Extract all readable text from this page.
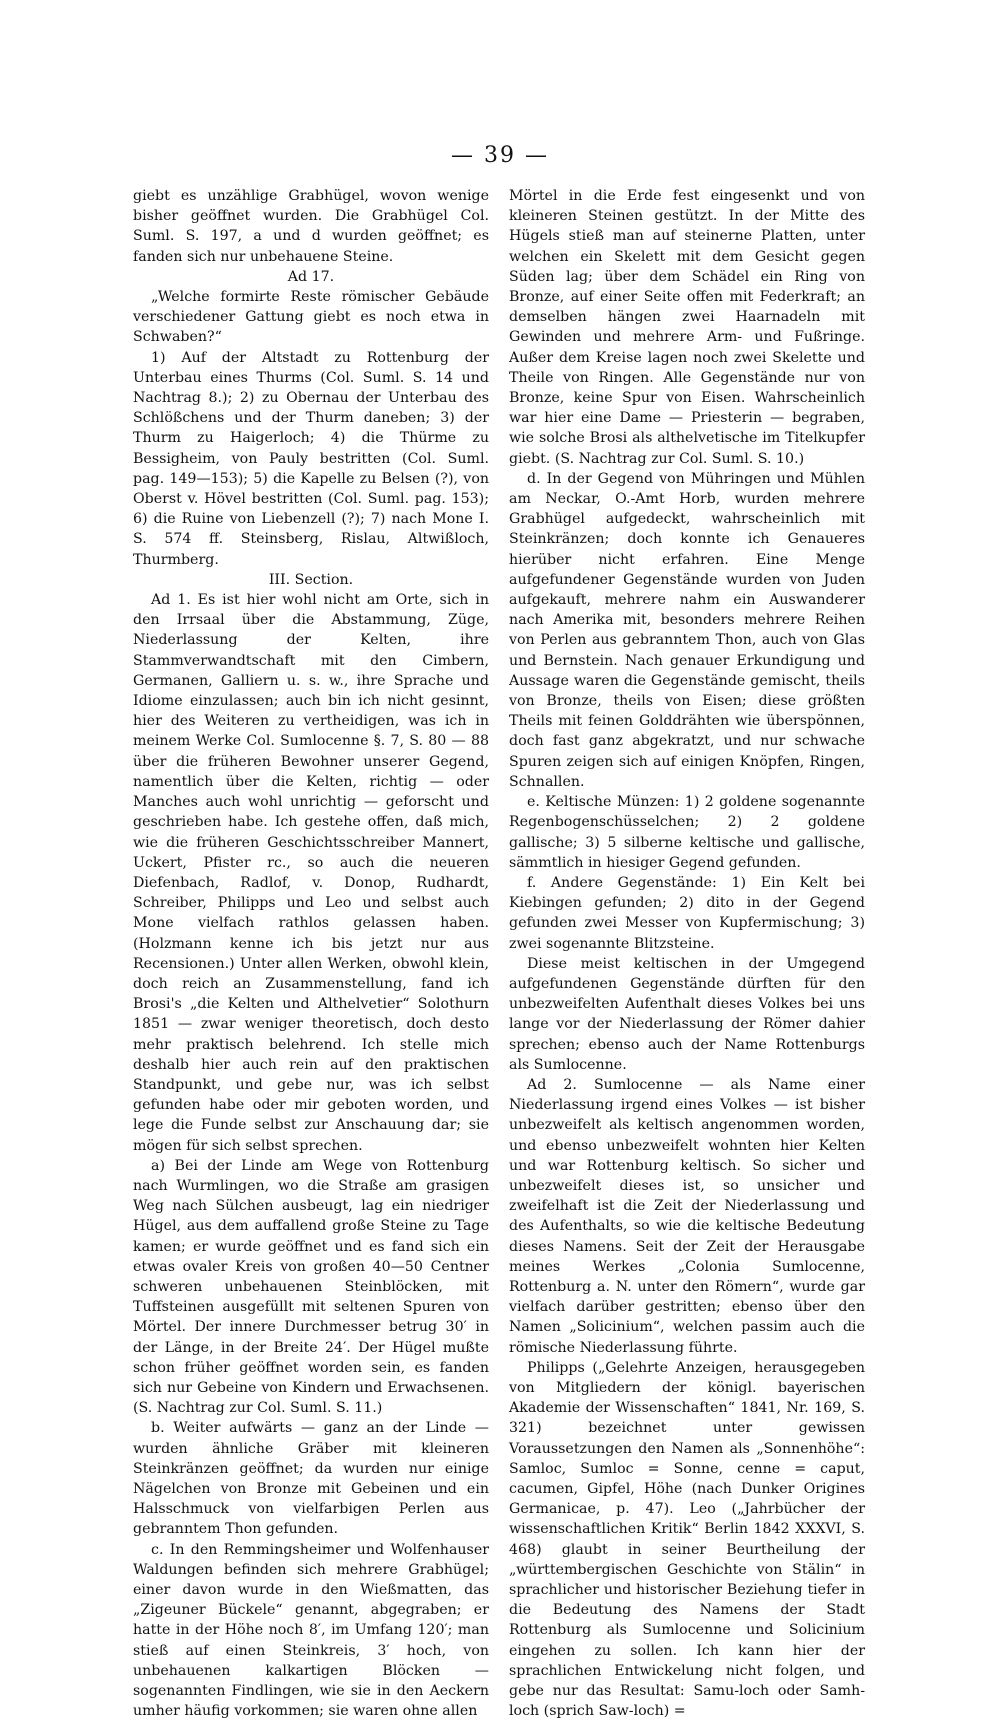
— 39 —

giebt es unzählige Grabhügel, wovon wenige bisher geöffnet wurden. Die Grabhügel Col. Suml. S. 197, a und d wurden geöffnet; es fanden sich nur unbehauene Steine.

Ad 17.

„Welche formirte Reste römischer Gebäude verschiedener Gattung giebt es noch etwa in Schwaben?“

1) Auf der Altstadt zu Rottenburg der Unterbau eines Thurms (Col. Suml. S. 14 und Nachtrag 8.); 2) zu Obernau der Unterbau des Schlößchens und der Thurm daneben; 3) der Thurm zu Haigerloch; 4) die Thürme zu Bessigheim, von Pauly bestritten (Col. Suml. pag. 149—153); 5) die Kapelle zu Belsen (?), von Oberst v. Hövel bestritten (Col. Suml. pag. 153); 6) die Ruine von Liebenzell (?); 7) nach Mone I. S. 574 ff. Steinsberg, Rislau, Altwißloch, Thurmberg.

III. Section.

Ad 1. Es ist hier wohl nicht am Orte, sich in den Irrsaal über die Abstammung, Züge, Niederlassung der Kelten, ihre Stammverwandtschaft mit den Cimbern, Germanen, Galliern u. s. w., ihre Sprache und Idiome einzulassen; auch bin ich nicht gesinnt, hier des Weiteren zu vertheidigen, was ich in meinem Werke Col. Sumlocenne §. 7, S. 80 — 88 über die früheren Bewohner unserer Gegend, namentlich über die Kelten, richtig — oder Manches auch wohl unrichtig — geforscht und geschrieben habe. Ich gestehe offen, daß mich, wie die früheren Geschichtsschreiber Mannert, Uckert, Pfister rc., so auch die neueren Diefenbach, Radlof, v. Donop, Rudhardt, Schreiber, Philipps und Leo und selbst auch Mone vielfach rathlos gelassen haben. (Holzmann kenne ich bis jetzt nur aus Recensionen.) Unter allen Werken, obwohl klein, doch reich an Zusammenstellung, fand ich Brosi's „die Kelten und Althelvetier“ Solothurn 1851 — zwar weniger theoretisch, doch desto mehr praktisch belehrend. Ich stelle mich deshalb hier auch rein auf den praktischen Standpunkt, und gebe nur, was ich selbst gefunden habe oder mir geboten worden, und lege die Funde selbst zur Anschauung dar; sie mögen für sich selbst sprechen.

a) Bei der Linde am Wege von Rottenburg nach Wurmlingen, wo die Straße am grasigen Weg nach Sülchen ausbeugt, lag ein niedriger Hügel, aus dem auffallend große Steine zu Tage kamen; er wurde geöffnet und es fand sich ein etwas ovaler Kreis von großen 40—50 Centner schweren unbehauenen Steinblöcken, mit Tuffsteinen ausgefüllt mit seltenen Spuren von Mörtel. Der innere Durchmesser betrug 30′ in der Länge, in der Breite 24′. Der Hügel mußte schon früher geöffnet worden sein, es fanden sich nur Gebeine von Kindern und Erwachsenen. (S. Nachtrag zur Col. Suml. S. 11.)

b. Weiter aufwärts — ganz an der Linde — wurden ähnliche Gräber mit kleineren Steinkränzen geöffnet; da wurden nur einige Nägelchen von Bronze mit Gebeinen und ein Halsschmuck von vielfarbigen Perlen aus gebranntem Thon gefunden.

c. In den Remmingsheimer und Wolfenhauser Waldungen befinden sich mehrere Grabhügel; einer davon wurde in den Wießmatten, das „Zigeuner Bückele“ genannt, abgegraben; er hatte in der Höhe noch 8′, im Umfang 120′; man stieß auf einen Steinkreis, 3′ hoch, von unbehauenen kalkartigen Blöcken — sogenannten Findlingen, wie sie in den Aeckern umher häufig vorkommen; sie waren ohne allen

Mörtel in die Erde fest eingesenkt und von kleineren Steinen gestützt. In der Mitte des Hügels stieß man auf steinerne Platten, unter welchen ein Skelett mit dem Gesicht gegen Süden lag; über dem Schädel ein Ring von Bronze, auf einer Seite offen mit Federkraft; an demselben hängen zwei Haarnadeln mit Gewinden und mehrere Arm- und Fußringe. Außer dem Kreise lagen noch zwei Skelette und Theile von Ringen. Alle Gegenstände nur von Bronze, keine Spur von Eisen. Wahrscheinlich war hier eine Dame — Priesterin — begraben, wie solche Brosi als althelvetische im Titelkupfer giebt. (S. Nachtrag zur Col. Suml. S. 10.)

d. In der Gegend von Mühringen und Mühlen am Neckar, O.-Amt Horb, wurden mehrere Grabhügel aufgedeckt, wahrscheinlich mit Steinkränzen; doch konnte ich Genaueres hierüber nicht erfahren. Eine Menge aufgefundener Gegenstände wurden von Juden aufgekauft, mehrere nahm ein Auswanderer nach Amerika mit, besonders mehrere Reihen von Perlen aus gebranntem Thon, auch von Glas und Bernstein. Nach genauer Erkundigung und Aussage waren die Gegenstände gemischt, theils von Bronze, theils von Eisen; diese größten Theils mit feinen Golddrähten wie überspönnen, doch fast ganz abgekratzt, und nur schwache Spuren zeigen sich auf einigen Knöpfen, Ringen, Schnallen.

e. Keltische Münzen: 1) 2 goldene sogenannte Regenbogenschüsselchen; 2) 2 goldene gallische; 3) 5 silberne keltische und gallische, sämmtlich in hiesiger Gegend gefunden.

f. Andere Gegenstände: 1) Ein Kelt bei Kiebingen gefunden; 2) dito in der Gegend gefunden zwei Messer von Kupfermischung; 3) zwei sogenannte Blitzsteine.

Diese meist keltischen in der Umgegend aufgefundenen Gegenstände dürften für den unbezweifelten Aufenthalt dieses Volkes bei uns lange vor der Niederlassung der Römer dahier sprechen; ebenso auch der Name Rottenburgs als Sumlocenne.

Ad 2. Sumlocenne — als Name einer Niederlassung irgend eines Volkes — ist bisher unbezweifelt als keltisch angenommen worden, und ebenso unbezweifelt wohnten hier Kelten und war Rottenburg keltisch. So sicher und unbezweifelt dieses ist, so unsicher und zweifelhaft ist die Zeit der Niederlassung und des Aufenthalts, so wie die keltische Bedeutung dieses Namens. Seit der Zeit der Herausgabe meines Werkes „Colonia Sumlocenne, Rottenburg a. N. unter den Römern“, wurde gar vielfach darüber gestritten; ebenso über den Namen „Solicinium“, welchen passim auch die römische Niederlassung führte.

Philipps („Gelehrte Anzeigen, herausgegeben von Mitgliedern der königl. bayerischen Akademie der Wissenschaften“ 1841, Nr. 169, S. 321) bezeichnet unter gewissen Voraussetzungen den Namen als „Sonnenhöhe“: Samloc, Sumloc = Sonne, cenne = caput, cacumen, Gipfel, Höhe (nach Dunker Origines Germanicae, p. 47). Leo („Jahrbücher der wissenschaftlichen Kritik“ Berlin 1842 XXXVI, S. 468) glaubt in seiner Beurtheilung der „württembergischen Geschichte von Stälin“ in sprachlicher und historischer Beziehung tiefer in die Bedeutung des Namens der Stadt Rottenburg als Sumlocenne und Solicinium eingehen zu sollen. Ich kann hier der sprachlichen Entwickelung nicht folgen, und gebe nur das Resultat: Samu-loch oder Samh-loch (sprich Saw-loch) =
